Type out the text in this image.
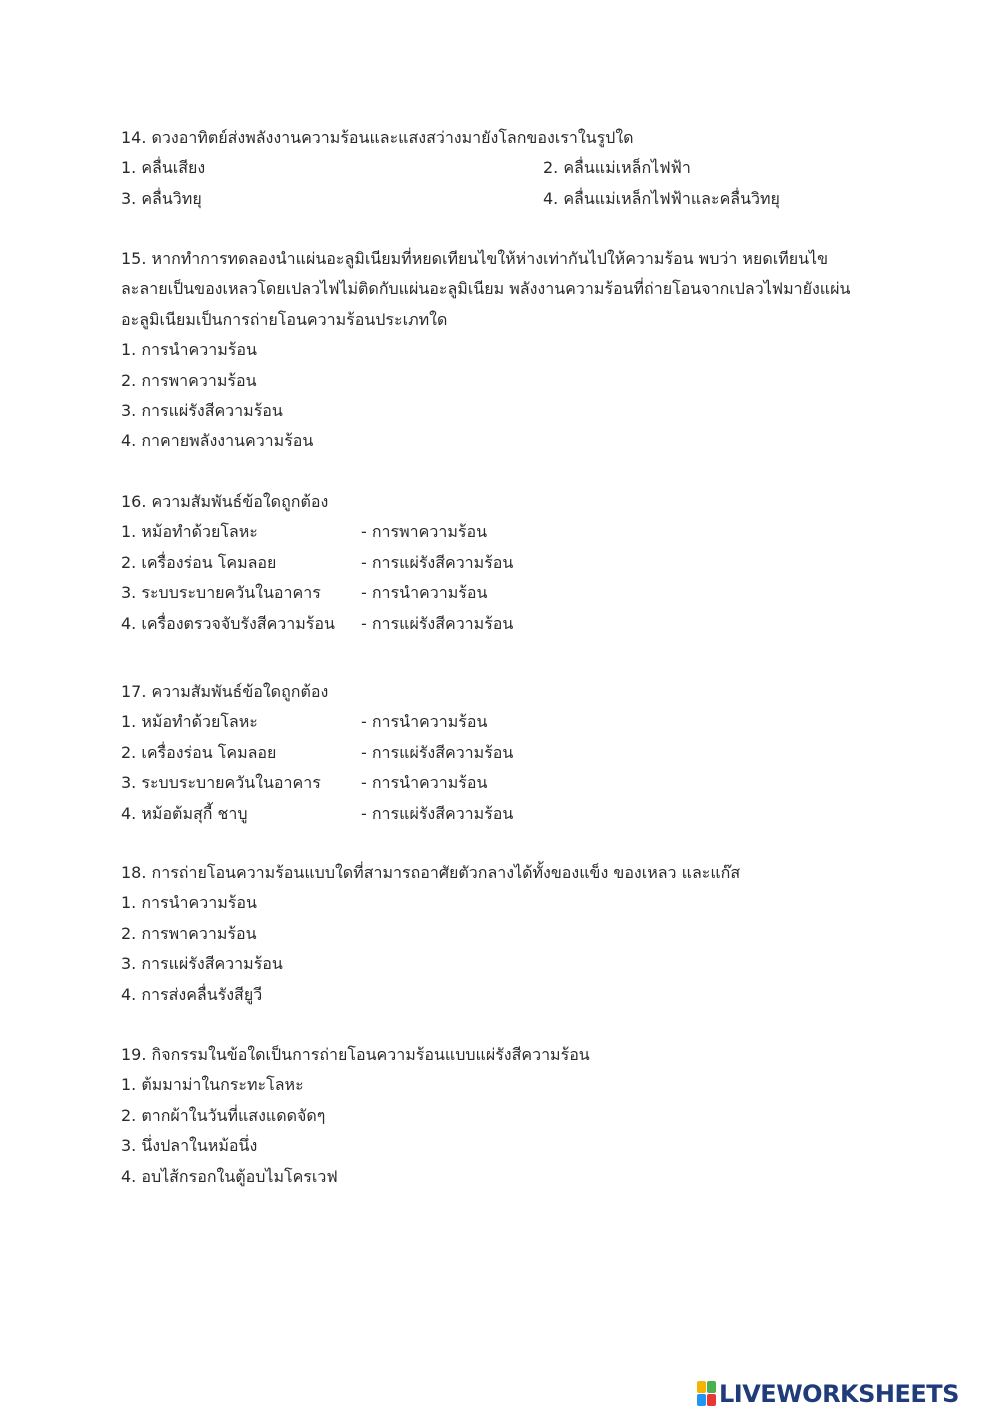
14. ดวงอาทิตย์ส่งพลังงานความร้อนและแสงสว่างมายังโลกของเราในรูปใด
1. คลื่นเสียง	2. คลื่นแม่เหล็กไฟฟ้า
3. คลื่นวิทยุ	4. คลื่นแม่เหล็กไฟฟ้าและคลื่นวิทยุ
15. หากทำการทดลองนำแผ่นอะลูมิเนียมที่หยดเทียนไขให้ห่างเท่ากันไปให้ความร้อน พบว่า หยดเทียนไข
ละลายเป็นของเหลวโดยเปลวไฟไม่ติดกับแผ่นอะลูมิเนียม พลังงานความร้อนที่ถ่ายโอนจากเปลวไฟมายังแผ่น
อะลูมิเนียมเป็นการถ่ายโอนความร้อนประเภทใด
1. การนำความร้อน
2. การพาความร้อน
3. การแผ่รังสีความร้อน
4. กาคายพลังงานความร้อน
16. ความสัมพันธ์ข้อใดถูกต้อง
1. หม้อทำด้วยโลหะ	- การพาความร้อน
2. เครื่องร่อน โคมลอย	- การแผ่รังสีความร้อน
3. ระบบระบายควันในอาคาร	- การนำความร้อน
4. เครื่องตรวจจับรังสีความร้อน - การแผ่รังสีความร้อน
17. ความสัมพันธ์ข้อใดถูกต้อง
1. หม้อทำด้วยโลหะ	- การนำความร้อน
2. เครื่องร่อน โคมลอย	- การแผ่รังสีความร้อน
3. ระบบระบายควันในอาคาร	- การนำความร้อน
4. หม้อต้มสุกี้ ชาบู	- การแผ่รังสีความร้อน
18. การถ่ายโอนความร้อนแบบใดที่สามารถอาศัยตัวกลางได้ทั้งของแข็ง ของเหลว และแก๊ส
1. การนำความร้อน
2. การพาความร้อน
3. การแผ่รังสีความร้อน
4. การส่งคลื่นรังสียูวี
19. กิจกรรมในข้อใดเป็นการถ่ายโอนความร้อนแบบแผ่รังสีความร้อน
1. ต้มมาม่าในกระทะโลหะ
2. ตากผ้าในวันที่แสงแดดจัดๆ
3. นึ่งปลาในหม้อนึ่ง
4. อบไส้กรอกในตู้อบไมโครเวฟ
LIVEWORKSHEETS
